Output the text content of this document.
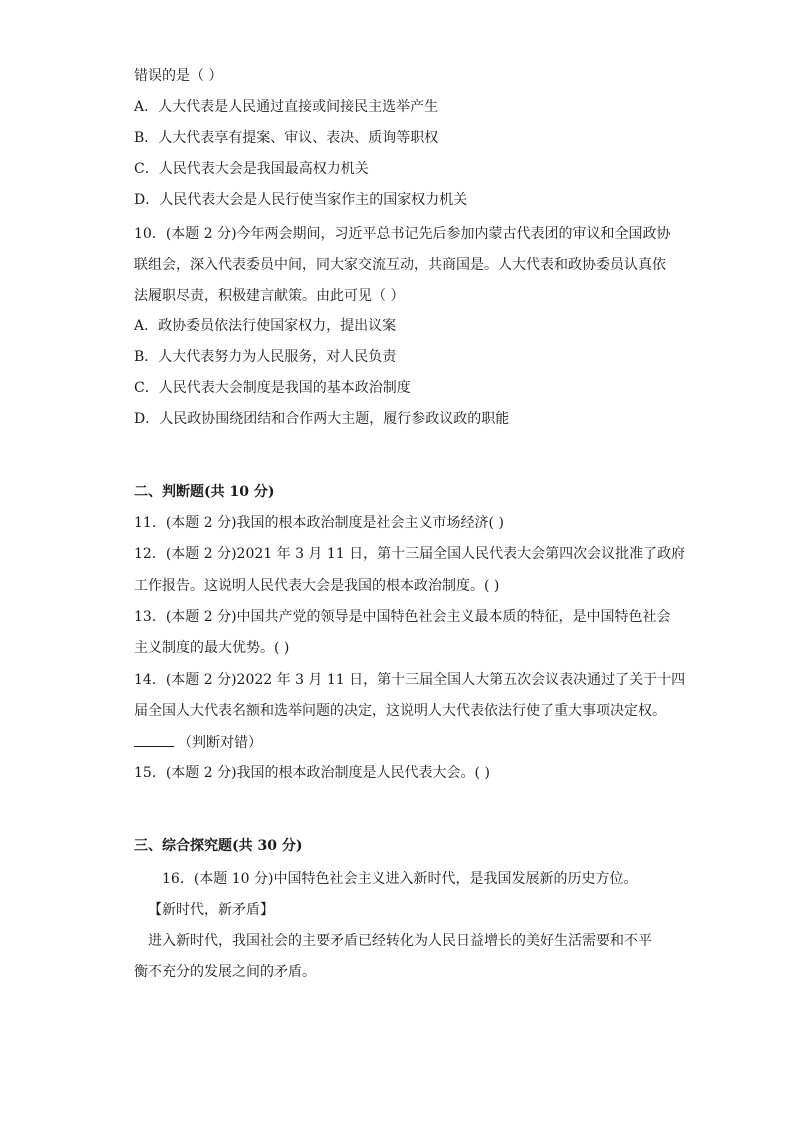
错误的是（ ）
A．人大代表是人民通过直接或间接民主选举产生
B．人大代表享有提案、审议、表决、质询等职权
C．人民代表大会是我国最高权力机关
D．人民代表大会是人民行使当家作主的国家权力机关
10．(本题 2 分)今年两会期间，习近平总书记先后参加内蒙古代表团的审议和全国政协
联组会，深入代表委员中间，同大家交流互动，共商国是。人大代表和政协委员认真依
法履职尽责，积极建言献策。由此可见（ ）
A．政协委员依法行使国家权力，提出议案
B．人大代表努力为人民服务，对人民负责
C．人民代表大会制度是我国的基本政治制度
D．人民政协围绕团结和合作两大主题，履行参政议政的职能
二、判断题(共 10 分)
11．(本题 2 分)我国的根本政治制度是社会主义市场经济( )
12．(本题 2 分)2021 年 3 月 11 日，第十三届全国人民代表大会第四次会议批准了政府
工作报告。这说明人民代表大会是我国的根本政治制度。( )
13．(本题 2 分)中国共产党的领导是中国特色社会主义最本质的特征，是中国特色社会
主义制度的最大优势。( )
14．(本题 2 分)2022 年 3 月 11 日，第十三届全国人大第五次会议表决通过了关于十四
届全国人大代表名额和选举问题的决定，这说明人大代表依法行使了重大事项决定权。
（判断对错）
15．(本题 2 分)我国的根本政治制度是人民代表大会。( )
三、综合探究题(共 30 分)
16．(本题 10 分)中国特色社会主义进入新时代，是我国发展新的历史方位。
【新时代，新矛盾】
进入新时代，我国社会的主要矛盾已经转化为人民日益增长的美好生活需要和不平
衡不充分的发展之间的矛盾。
